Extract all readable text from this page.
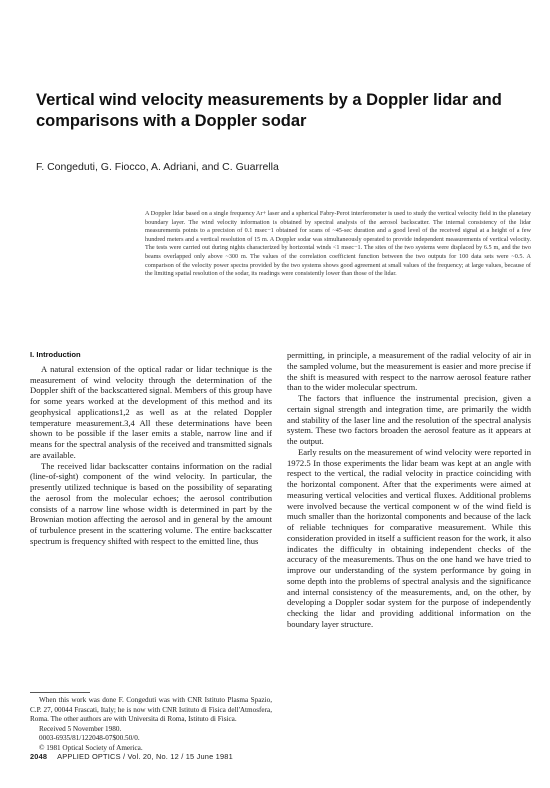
Vertical wind velocity measurements by a Doppler lidar and comparisons with a Doppler sodar

F. Congeduti, G. Fiocco, A. Adriani, and C. Guarrella

A Doppler lidar based on a single frequency Ar+ laser and a spherical Fabry-Perot interferometer is used to study the vertical velocity field in the planetary boundary layer. The wind velocity information is obtained by spectral analysis of the aerosol backscatter. The internal consistency of the lidar measurements points to a precision of 0.1 msec−1 obtained for scans of ~45-sec duration and a good level of the received signal at a height of a few hundred meters and a vertical resolution of 15 m. A Doppler sodar was simultaneously operated to provide independent measurements of vertical velocity. The tests were carried out during nights characterized by horizontal winds <1 msec−1. The sites of the two systems were displaced by 6.5 m, and the two beams overlapped only above ~300 m. The values of the correlation coefficient function between the two outputs for 100 data sets were ~0.5. A comparison of the velocity power spectra provided by the two systems shows good agreement at small values of the frequency; at large values, because of the limiting spatial resolution of the sodar, its readings were consistently lower than those of the lidar.

I. Introduction

A natural extension of the optical radar or lidar technique is the measurement of wind velocity through the determination of the Doppler shift of the backscattered signal. Members of this group have for some years worked at the development of this method and its geophysical applications1,2 as well as at the related Doppler temperature measurement.3,4 All these determinations have been shown to be possible if the laser emits a stable, narrow line and if means for the spectral analysis of the received and transmitted signals are available.

The received lidar backscatter contains information on the radial (line-of-sight) component of the wind velocity. In particular, the presently utilized technique is based on the possibility of separating the aerosol from the molecular echoes; the aerosol contribution consists of a narrow line whose width is determined in part by the Brownian motion affecting the aerosol and in general by the amount of turbulence present in the scattering volume. The entire backscatter spectrum is frequency shifted with respect to the emitted line, thus

permitting, in principle, a measurement of the radial velocity of air in the sampled volume, but the measurement is easier and more precise if the shift is measured with respect to the narrow aerosol feature rather than to the wider molecular spectrum.

The factors that influence the instrumental precision, given a certain signal strength and integration time, are primarily the width and stability of the laser line and the resolution of the spectral analysis system. These two factors broaden the aerosol feature as it appears at the output.

Early results on the measurement of wind velocity were reported in 1972.5 In those experiments the lidar beam was kept at an angle with respect to the vertical, the radial velocity in practice coinciding with the horizontal component. After that the experiments were aimed at measuring vertical velocities and vertical fluxes. Additional problems were involved because the vertical component w of the wind field is much smaller than the horizontal components and because of the lack of reliable techniques for comparative measurement. While this consideration provided in itself a sufficient reason for the work, it also indicates the difficulty in obtaining independent checks of the accuracy of the measurements. Thus on the one hand we have tried to improve our understanding of the system performance by going in some depth into the problems of spectral analysis and the significance and internal consistency of the measurements, and, on the other, by developing a Doppler sodar system for the purpose of independently checking the lidar and providing additional information on the boundary layer structure.

When this work was done F. Congeduti was with CNR Istituto Plasma Spazio, C.P. 27, 00044 Frascati, Italy; he is now with CNR Istituto di Fisica dell'Atmosfera, Roma. The other authors are with Universita di Roma, Istituto di Fisica.

Received 5 November 1980.
0003-6935/81/122048-07$00.50/0.
© 1981 Optical Society of America.
2048 APPLIED OPTICS / Vol. 20, No. 12 / 15 June 1981
